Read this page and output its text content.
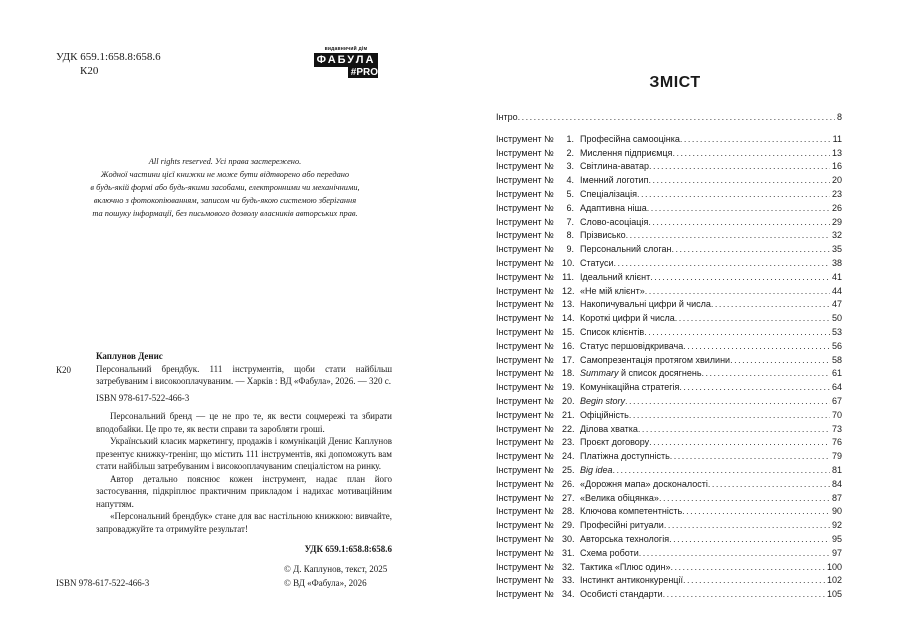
УДК 659.1:658.8:658.6
К20
видавничий дім
ФАБУЛА
#PRO
All rights reserved. Усі права застережено.
Жодної частини цієї книжки не може бути відтворено або передано
в будь-якій формі або будь-якими засобами, електронними чи механічними,
включно з фотокопіюванням, записом чи будь-якою системою зберігання
та пошуку інформації, без письмового дозволу власників авторських прав.
Каплунов Денис
К20	Персональний брендбук. 111 інструментів, щоби стати найбільш затребуваним і високооплачуваним. — Харків : ВД «Фабула», 2026. — 320 с.
ISBN 978-617-522-466-3

Персональний бренд — це не про те, як вести соцмережі та збирати вподобайки. Це про те, як вести справи та заробляти гроші.

Український класик маркетингу, продажів і комунікацій Денис Каплунов презентує книжку-тренінг, що містить 111 інструментів, які допоможуть вам стати найбільш затребуваним і високооплачуваним спеціалістом на ринку.

Автор детально пояснює кожен інструмент, надає план його застосування, підкріплює практичним прикладом і надихає мотиваційним напуттям.

«Персональний брендбук» стане для вас настільною книжкою: вивчайте, запроваджуйте та отримуйте результат!

УДК 659.1:658.8:658.6
ISBN 978-617-522-466-3
© Д. Каплунов, текст, 2025
© ВД «Фабула», 2026
ЗМІСТ
Інтро . . .	8
Інструмент №	1. Професійна самооцінка . . .	11
Інструмент №	2. Мислення підприємця . . .	13
Інструмент №	3. Світлина-аватар . . .	16
Інструмент №	4. Іменний логотип . . .	20
Інструмент №	5. Спеціалізація . . .	23
Інструмент №	6. Адаптивна ніша . . .	26
Інструмент №	7. Слово-асоціація . . .	29
Інструмент №	8. Прізвисько . . .	32
Інструмент №	9. Персональний слоган . . .	35
Інструмент № 10. Статуси . . .	38
Інструмент № 11. Ідеальний клієнт . . .	41
Інструмент № 12. «Не мій клієнт» . . .	44
Інструмент № 13. Накопичувальні цифри й числа . . .	47
Інструмент № 14. Короткі цифри й числа . . .	50
Інструмент № 15. Список клієнтів . . .	53
Інструмент № 16. Статус першовідкривача . . .	56
Інструмент № 17. Самопрезентація протягом хвилини . . .	58
Інструмент № 18. Summary й список досягнень . . .	61
Інструмент № 19. Комунікаційна стратегія . . .	64
Інструмент № 20. Begin story . . .	67
Інструмент № 21. Офіційність . . .	70
Інструмент № 22. Ділова хватка . . .	73
Інструмент № 23. Проєкт договору . . .	76
Інструмент № 24. Платіжна доступність . . .	79
Інструмент № 25. Big idea . . .	81
Інструмент № 26. «Дорожня мапа» досконалості . . .	84
Інструмент № 27. «Велика обіцянка» . . .	87
Інструмент № 28. Ключова компетентність . . .	90
Інструмент № 29. Професійні ритуали . . .	92
Інструмент № 30. Авторська технологія . . .	95
Інструмент № 31. Схема роботи . . .	97
Інструмент № 32. Тактика «Плюс один» . . .	100
Інструмент № 33. Інстинкт антиконкуренції . . .	102
Інструмент № 34. Особисті стандарти . . .	105
